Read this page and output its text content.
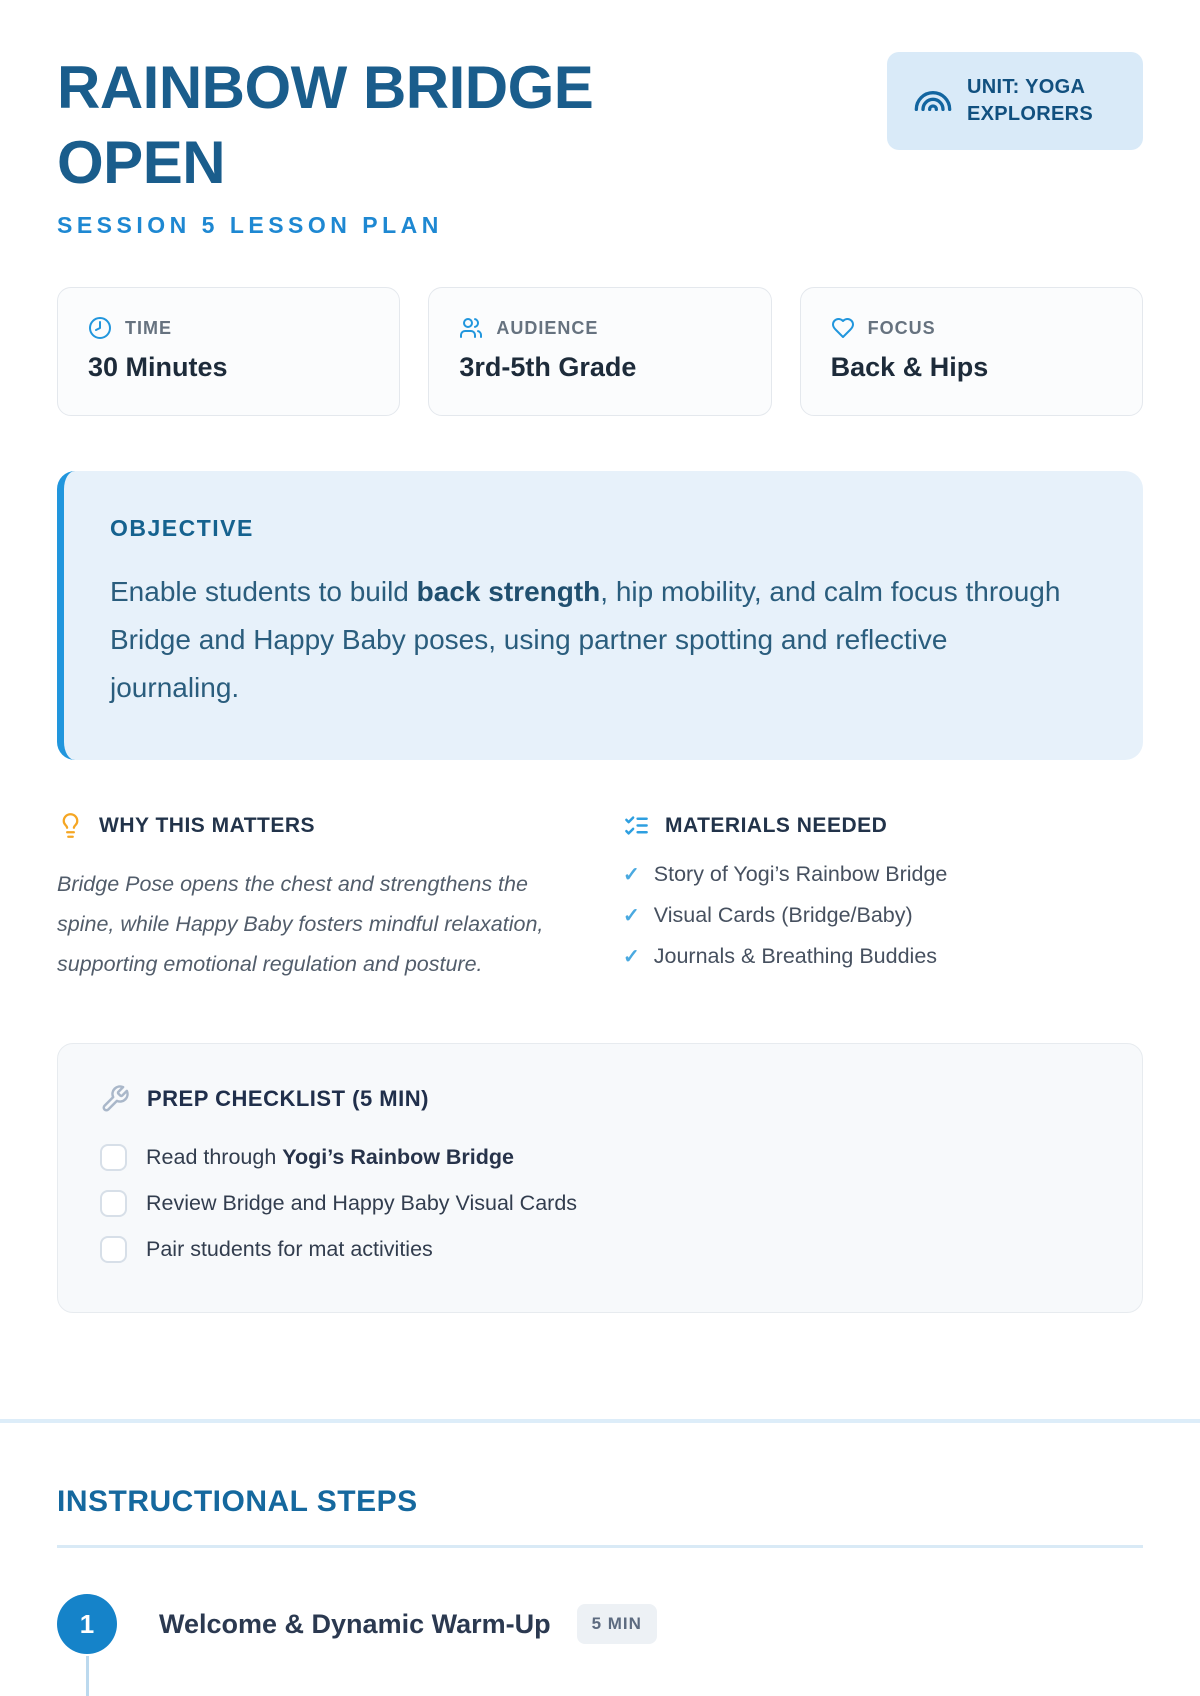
RAINBOW BRIDGE OPEN
SESSION 5 LESSON PLAN
UNIT: YOGA EXPLORERS
TIME
30 Minutes
AUDIENCE
3rd-5th Grade
FOCUS
Back & Hips
OBJECTIVE

Enable students to build back strength, hip mobility, and calm focus through Bridge and Happy Baby poses, using partner spotting and reflective journaling.

WHY THIS MATTERS

Bridge Pose opens the chest and strengthens the spine, while Happy Baby fosters mindful relaxation, supporting emotional regulation and posture.

MATERIALS NEEDED
✓ Story of Yogi’s Rainbow Bridge
✓ Visual Cards (Bridge/Baby)
✓ Journals & Breathing Buddies
PREP CHECKLIST (5 MIN)
Read through Yogi’s Rainbow Bridge
Review Bridge and Happy Baby Visual Cards
Pair students for mat activities
INSTRUCTIONAL STEPS
1	Welcome & Dynamic Warm-Up	5 MIN
